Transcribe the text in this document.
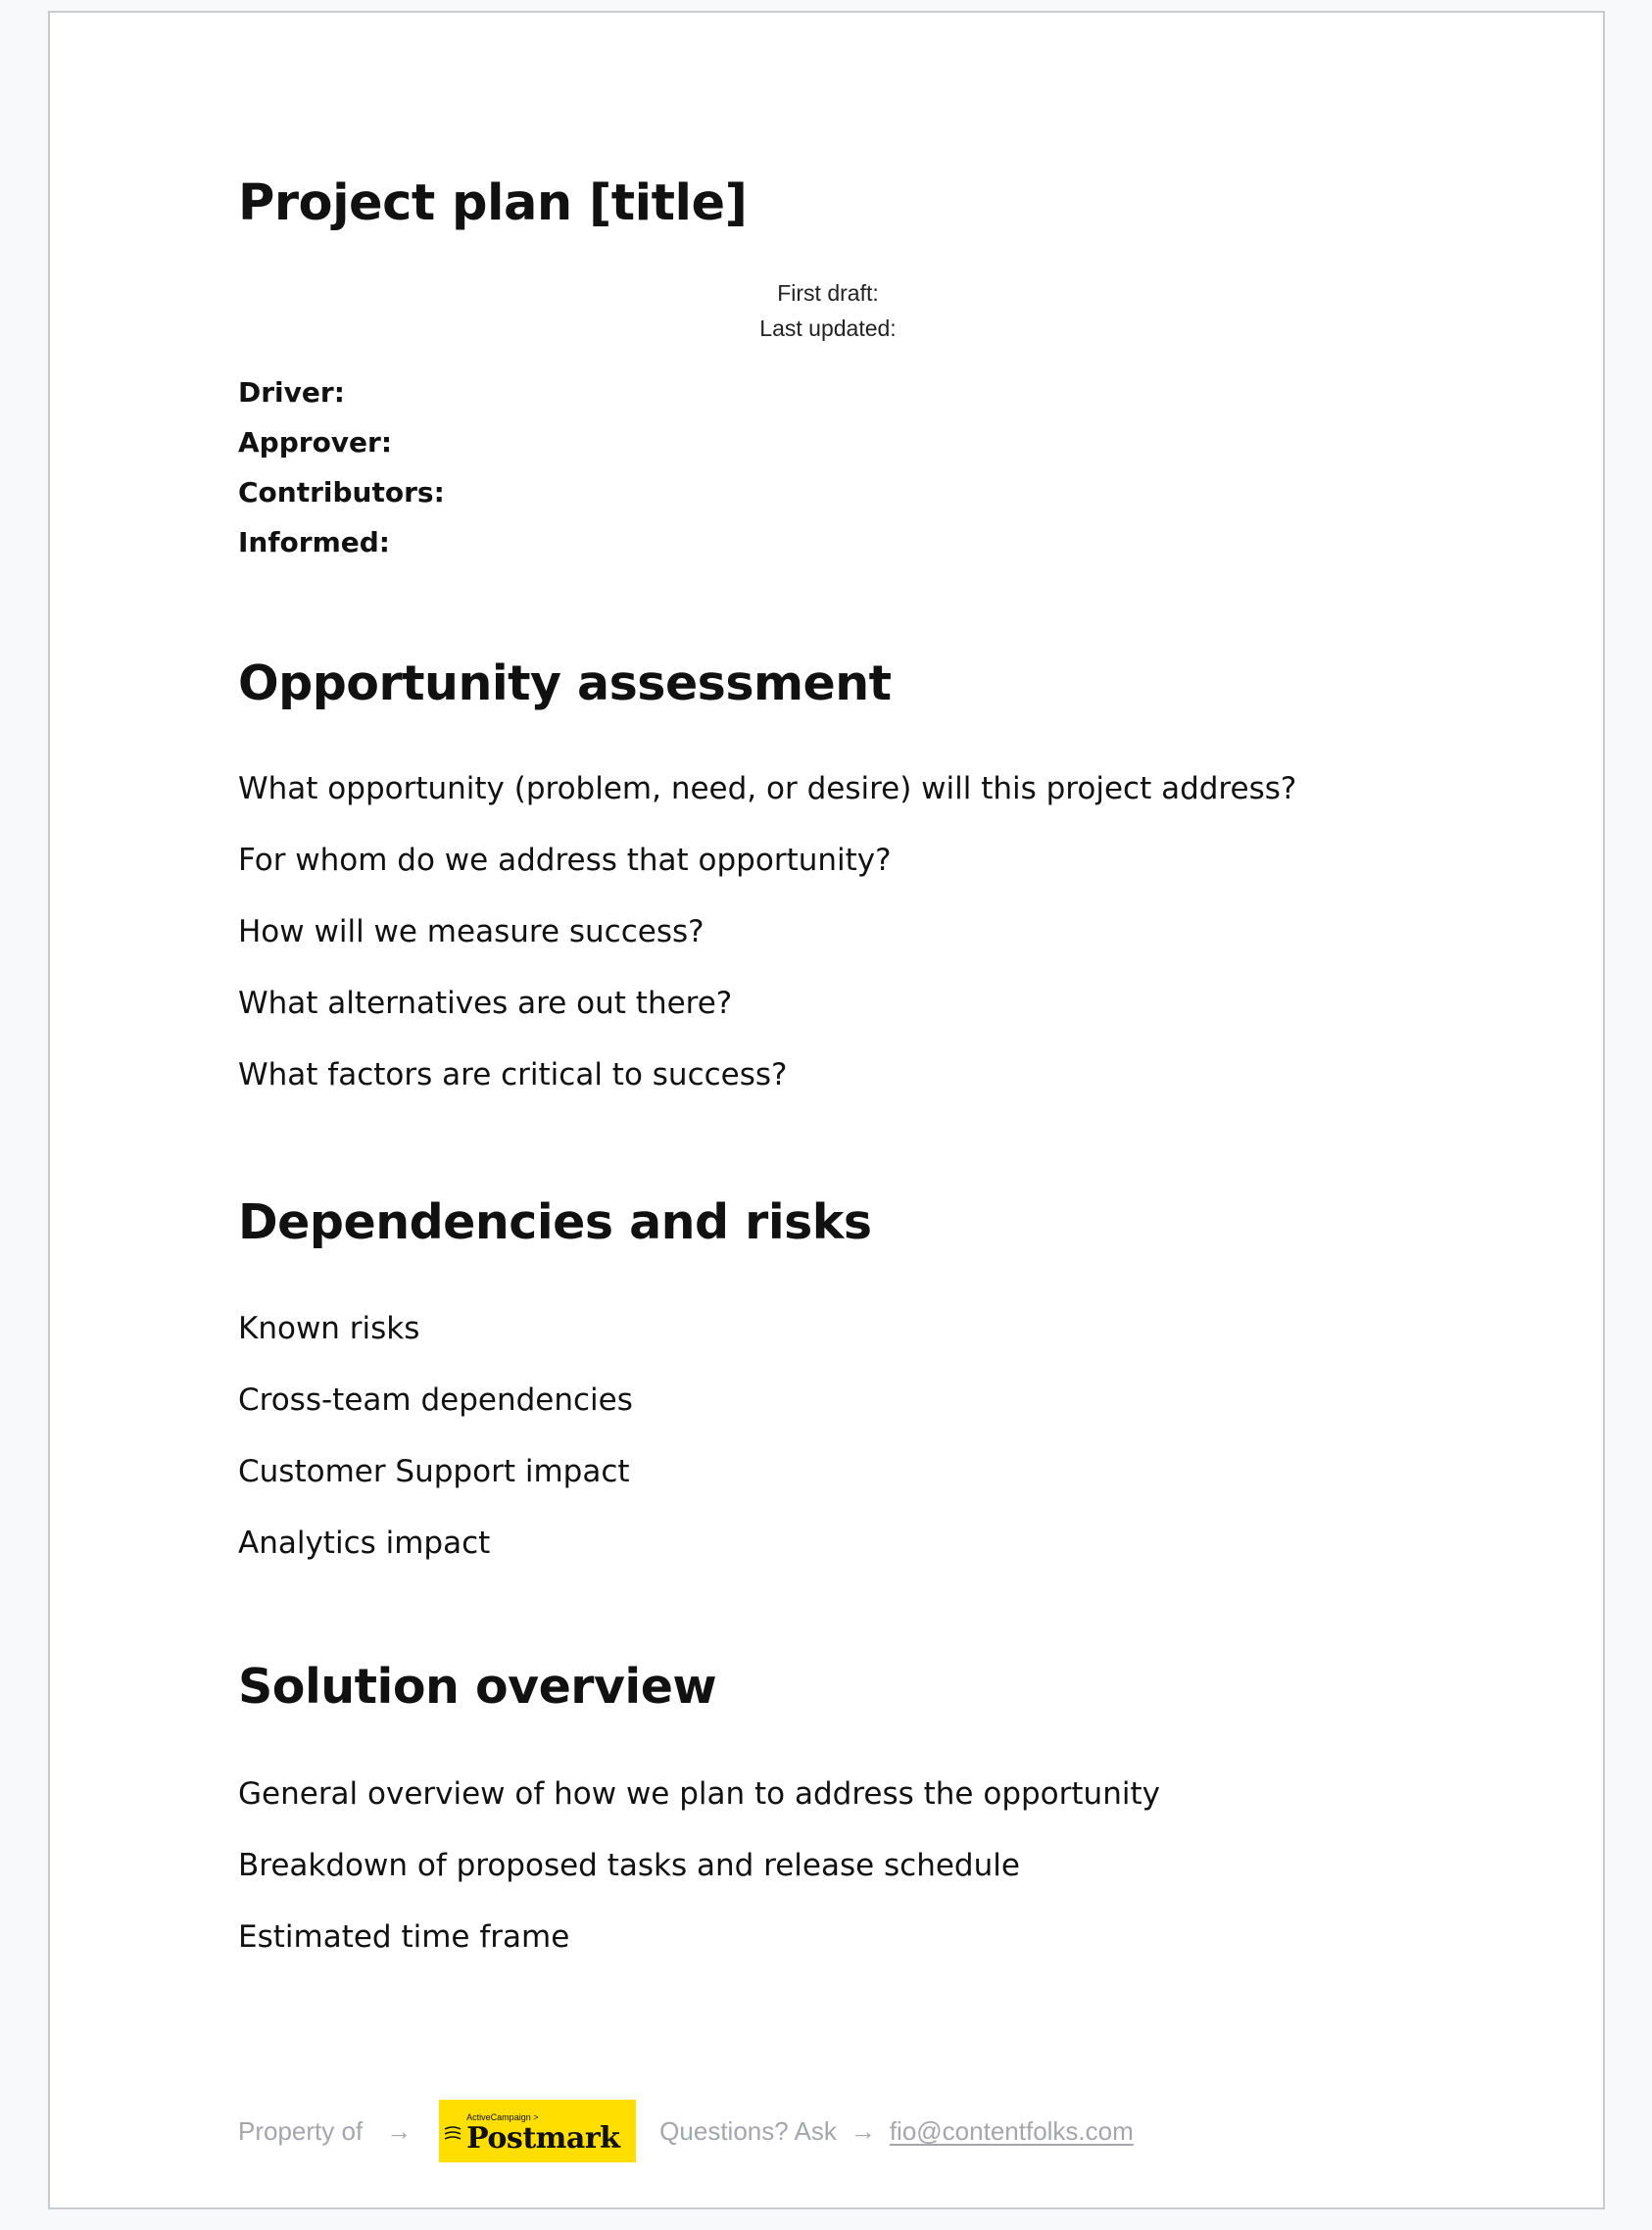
Project plan [title]
First draft:
Last updated:
Driver:
Approver:
Contributors:
Informed:
Opportunity assessment
What opportunity (problem, need, or desire) will this project address?
For whom do we address that opportunity?
How will we measure success?
What alternatives are out there?
What factors are critical to success?
Dependencies and risks
Known risks
Cross-team dependencies
Customer Support impact
Analytics impact
Solution overview
General overview of how we plan to address the opportunity
Breakdown of proposed tasks and release schedule
Estimated time frame
Property of →	ActiveCampaign >
Postmark Questions? Ask → fio@contentfolks.com
